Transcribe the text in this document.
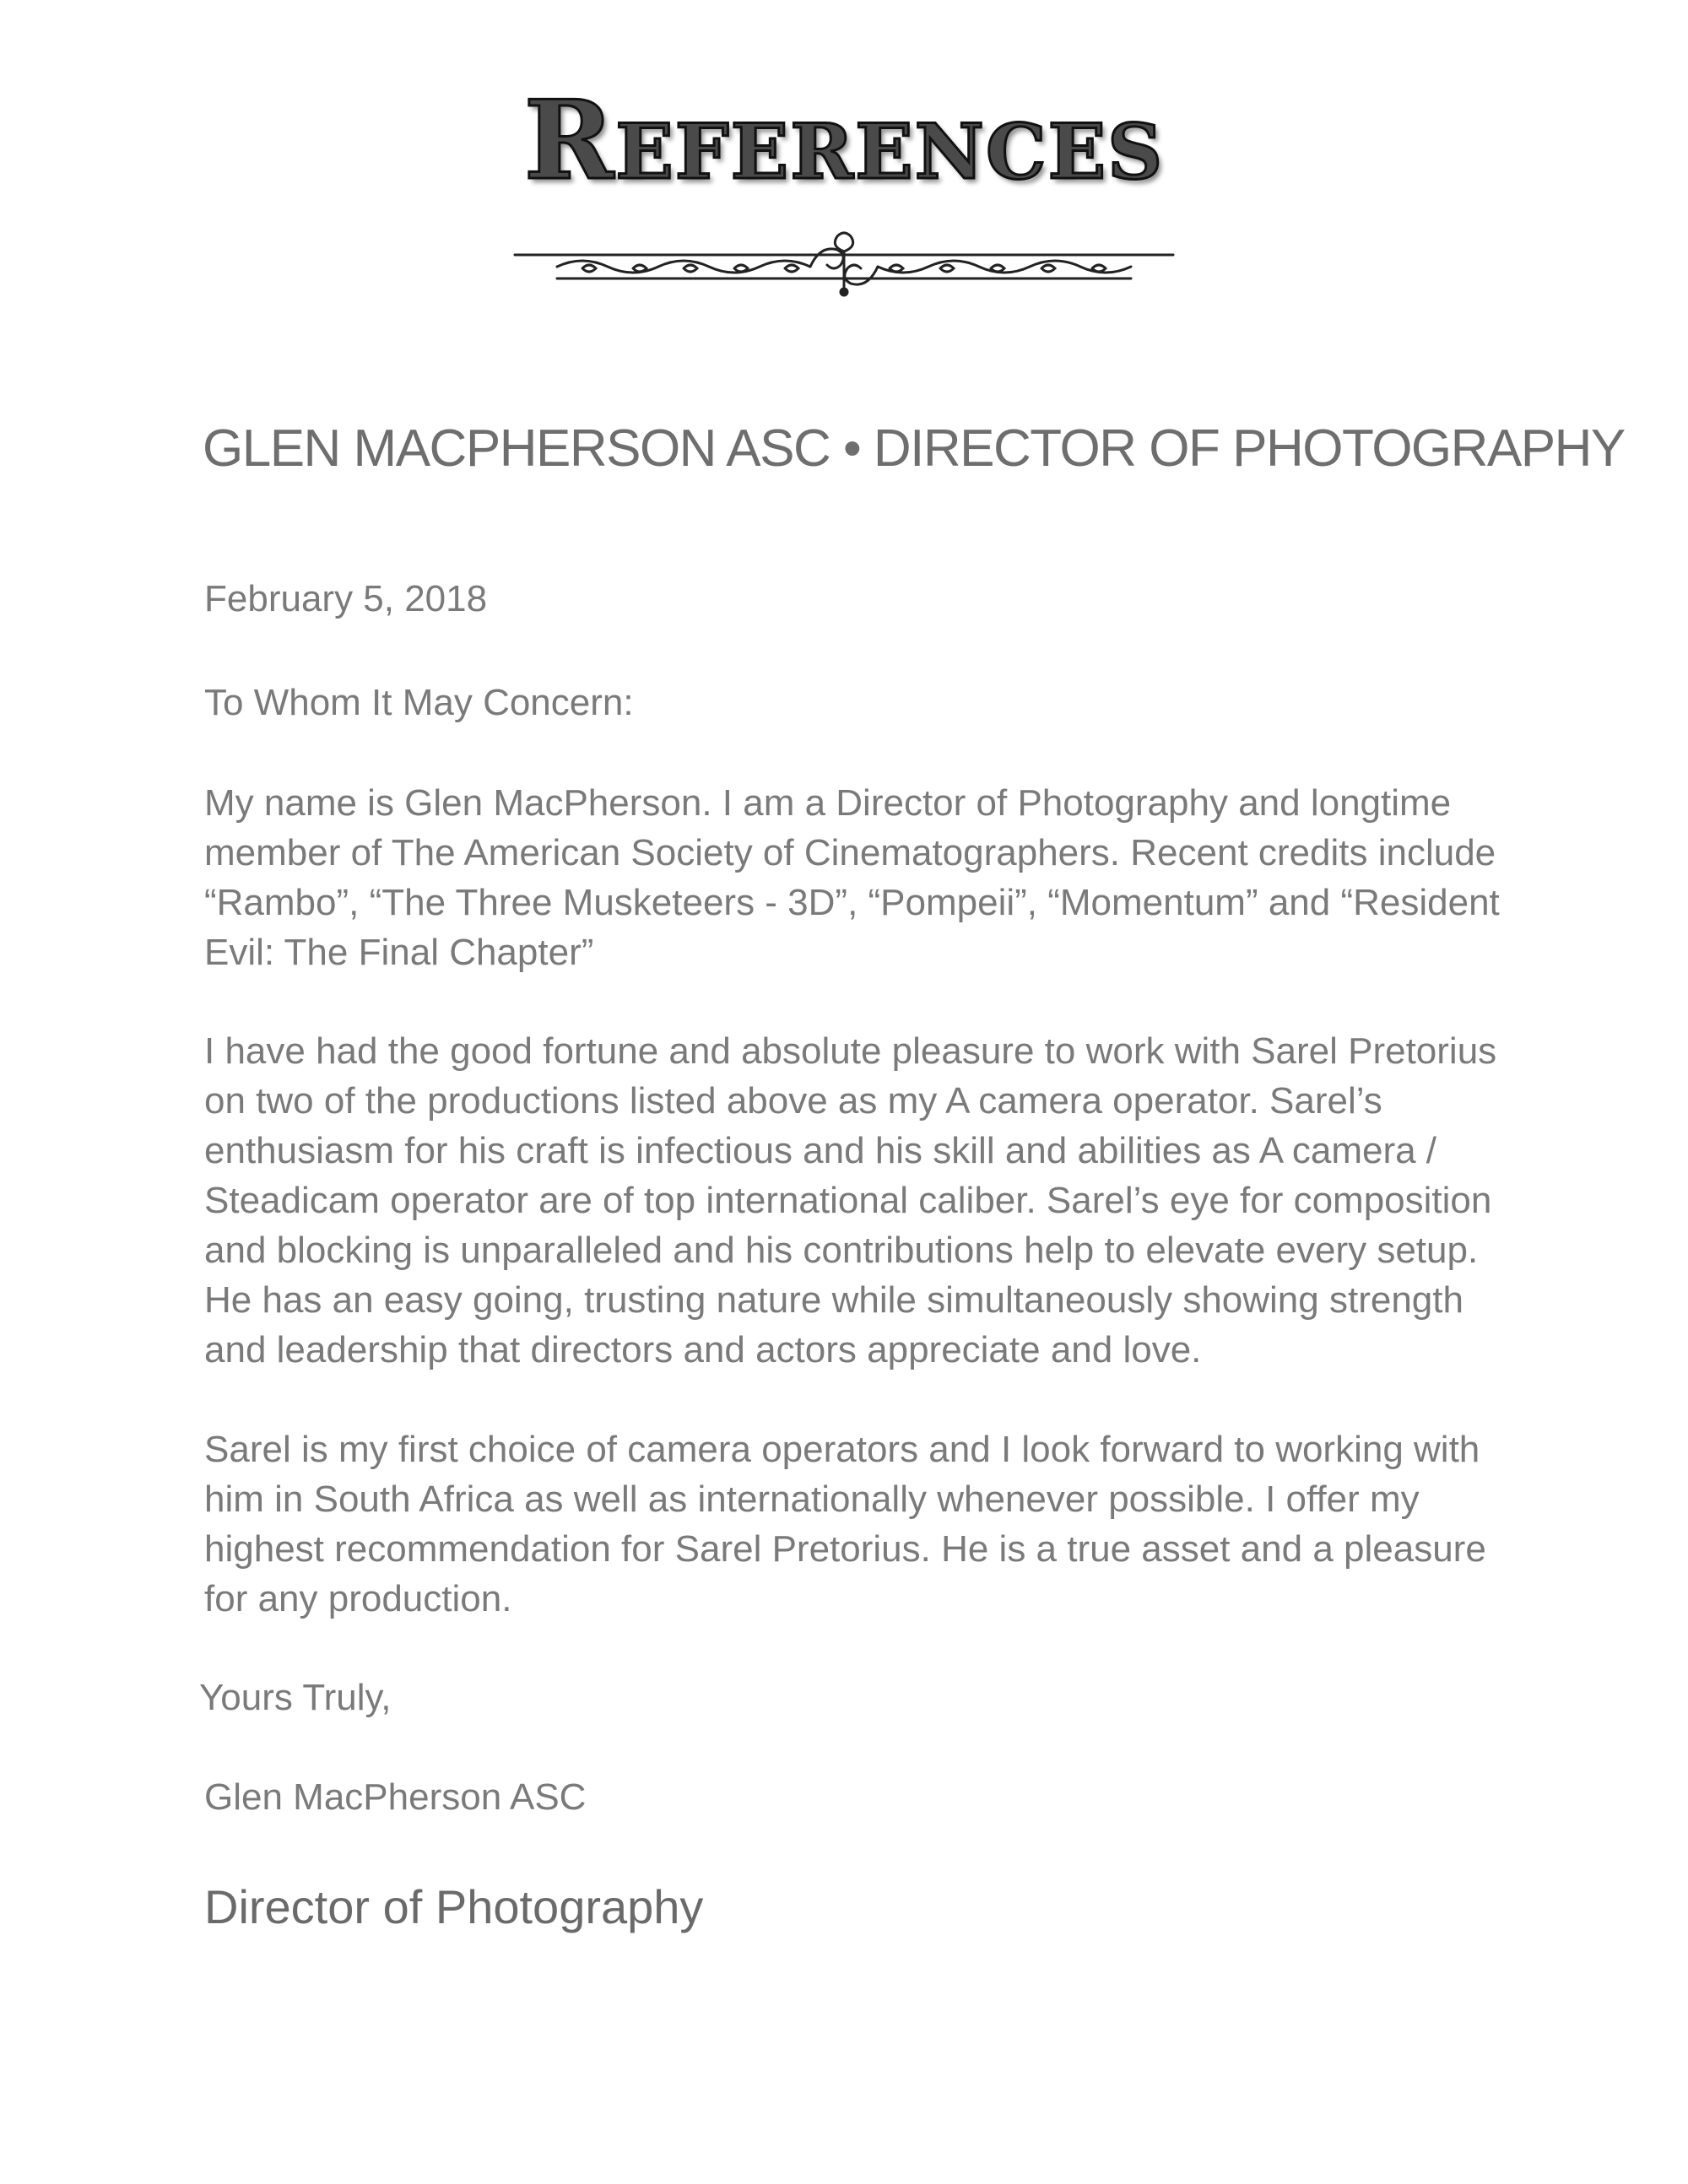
References
GLEN MACPHERSON ASC • DIRECTOR OF PHOTOGRAPHY

February 5, 2018

To Whom It May Concern:

My name is Glen MacPherson. I am a Director of Photography and longtime member of The American Society of Cinematographers. Recent credits include “Rambo”, “The Three Musketeers - 3D”, “Pompeii”, “Momentum” and “Resident Evil: The Final Chapter”

I have had the good fortune and absolute pleasure to work with Sarel Pretorius on two of the productions listed above as my A camera operator. Sarel’s enthusiasm for his craft is infectious and his skill and abilities as A camera / Steadicam operator are of top international caliber. Sarel’s eye for composition and blocking is unparalleled and his contributions help to elevate every setup. He has an easy going, trusting nature while simultaneously showing strength and leadership that directors and actors appreciate and love.

Sarel is my first choice of camera operators and I look forward to working with him in South Africa as well as internationally whenever possible. I offer my highest recommendation for Sarel Pretorius. He is a true asset and a pleasure for any production.

Yours Truly,

Glen MacPherson ASC

Director of Photography
